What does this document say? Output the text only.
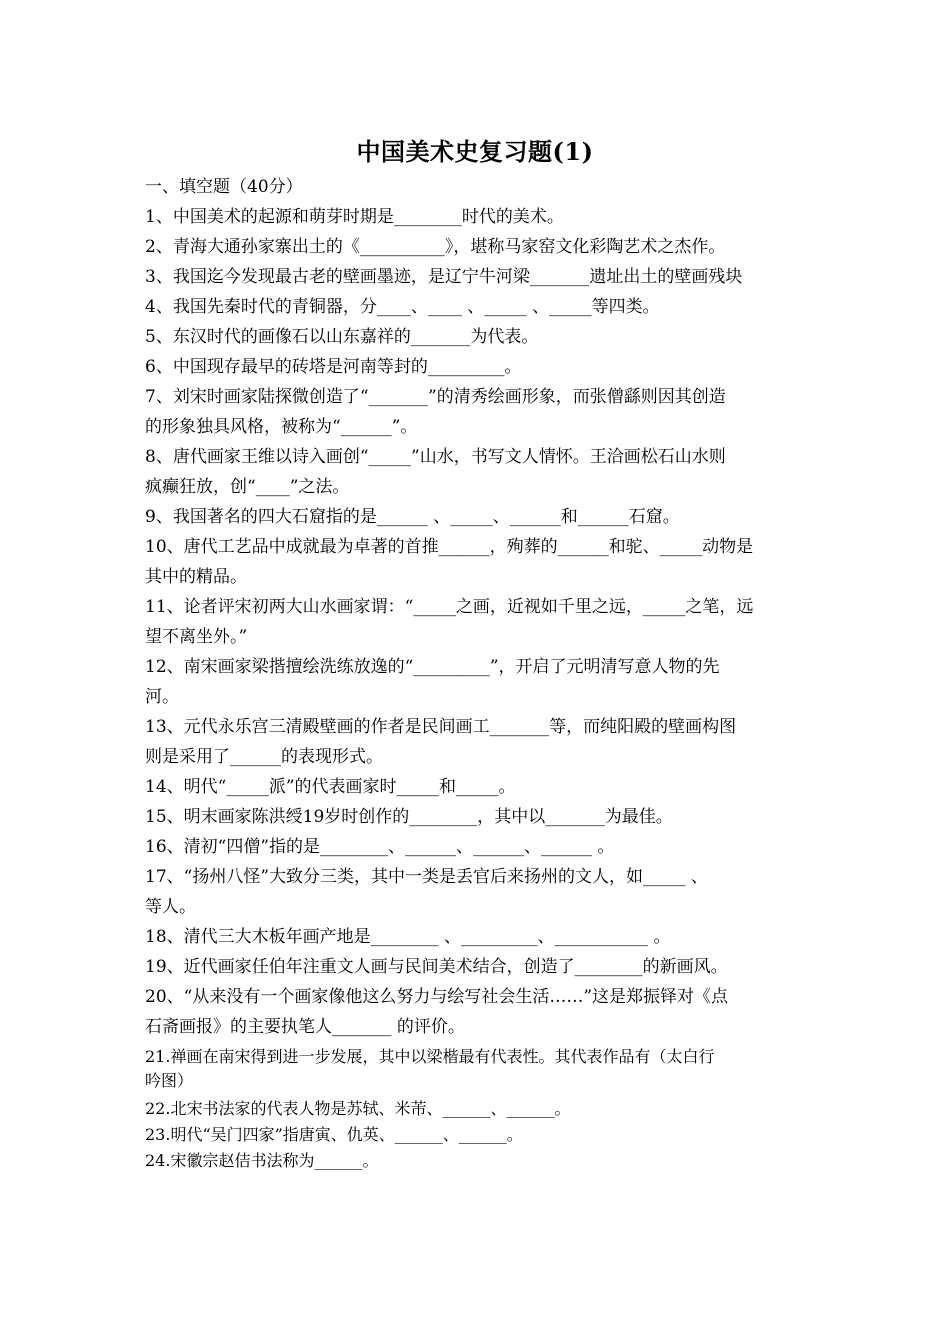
中国美术史复习题(1)
一、填空题（40分）
1、中国美术的起源和萌芽时期是________时代的美术。
2、青海大通孙家寨出土的《__________》，堪称马家窑文化彩陶艺术之杰作。
3、我国迄今发现最古老的壁画墨迹，是辽宁牛河梁_______遗址出土的壁画残块
4、我国先秦时代的青铜器，分____、____ 、_____ 、_____等四类。
5、东汉时代的画像石以山东嘉祥的_______为代表。
6、中国现存最早的砖塔是河南等封的_________。
7、刘宋时画家陆探微创造了“_______”的清秀绘画形象，而张僧繇则因其创造
的形象独具风格，被称为“______”。
8、唐代画家王维以诗入画创“_____”山水，书写文人情怀。王洽画松石山水则
疯癫狂放，创“____”之法。
9、我国著名的四大石窟指的是______ 、_____、______和______石窟。
10、唐代工艺品中成就最为卓著的首推______，殉葬的______和驼、_____动物是
其中的精品。
11、论者评宋初两大山水画家谓：“_____之画，近视如千里之远，_____之笔，远
望不离坐外。”
12、南宋画家梁揩擅绘洗练放逸的“_________”，开启了元明清写意人物的先
河。
13、元代永乐宫三清殿壁画的作者是民间画工_______等，而纯阳殿的壁画构图
则是采用了______的表现形式。
14、明代“_____派”的代表画家时_____和_____。
15、明末画家陈洪绶19岁时创作的________，其中以_______为最佳。
16、清初“四僧”指的是________、______、______、______ 。
17、“扬州八怪”大致分三类，其中一类是丢官后来扬州的文人，如_____ 、
等人。
18、清代三大木板年画产地是________ 、_________、___________ 。
19、近代画家任伯年注重文人画与民间美术结合，创造了________的新画风。
20、“从来没有一个画家像他这么努力与绘写社会生活……”这是郑振铎对《点
石斋画报》的主要执笔人_______ 的评价。
21.禅画在南宋得到进一步发展，其中以梁楷最有代表性。其代表作品有（太白行
吟图）
22.北宋书法家的代表人物是苏轼、米芾、______、______。
23.明代“吴门四家”指唐寅、仇英、______、______。
24.宋徽宗赵佶书法称为______。
